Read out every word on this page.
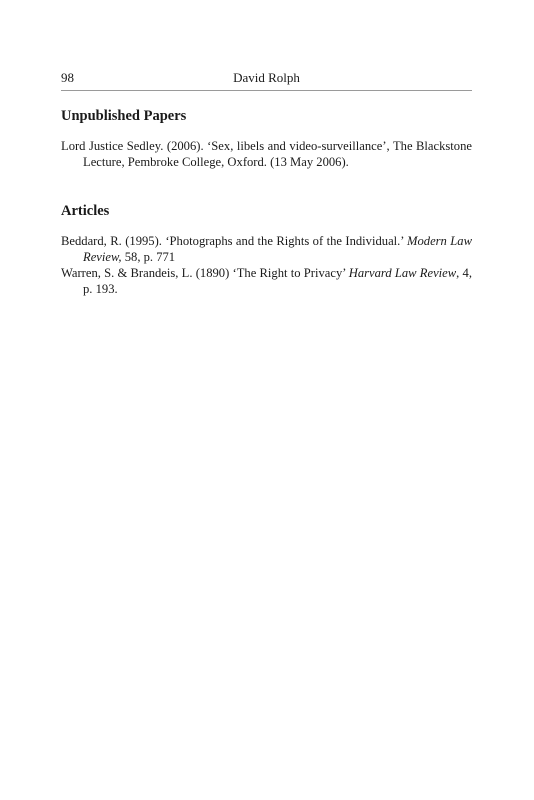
98	David Rolph
Unpublished Papers

Lord Justice Sedley. (2006). ‘Sex, libels and video-surveillance’, The Blackstone Lecture, Pembroke College, Oxford. (13 May 2006).

Articles

Beddard, R. (1995). ‘Photographs and the Rights of the Individual.’ Modern Law Review, 58, p. 771

Warren, S. & Brandeis, L. (1890) ‘The Right to Privacy’ Harvard Law Review, 4, p. 193.
